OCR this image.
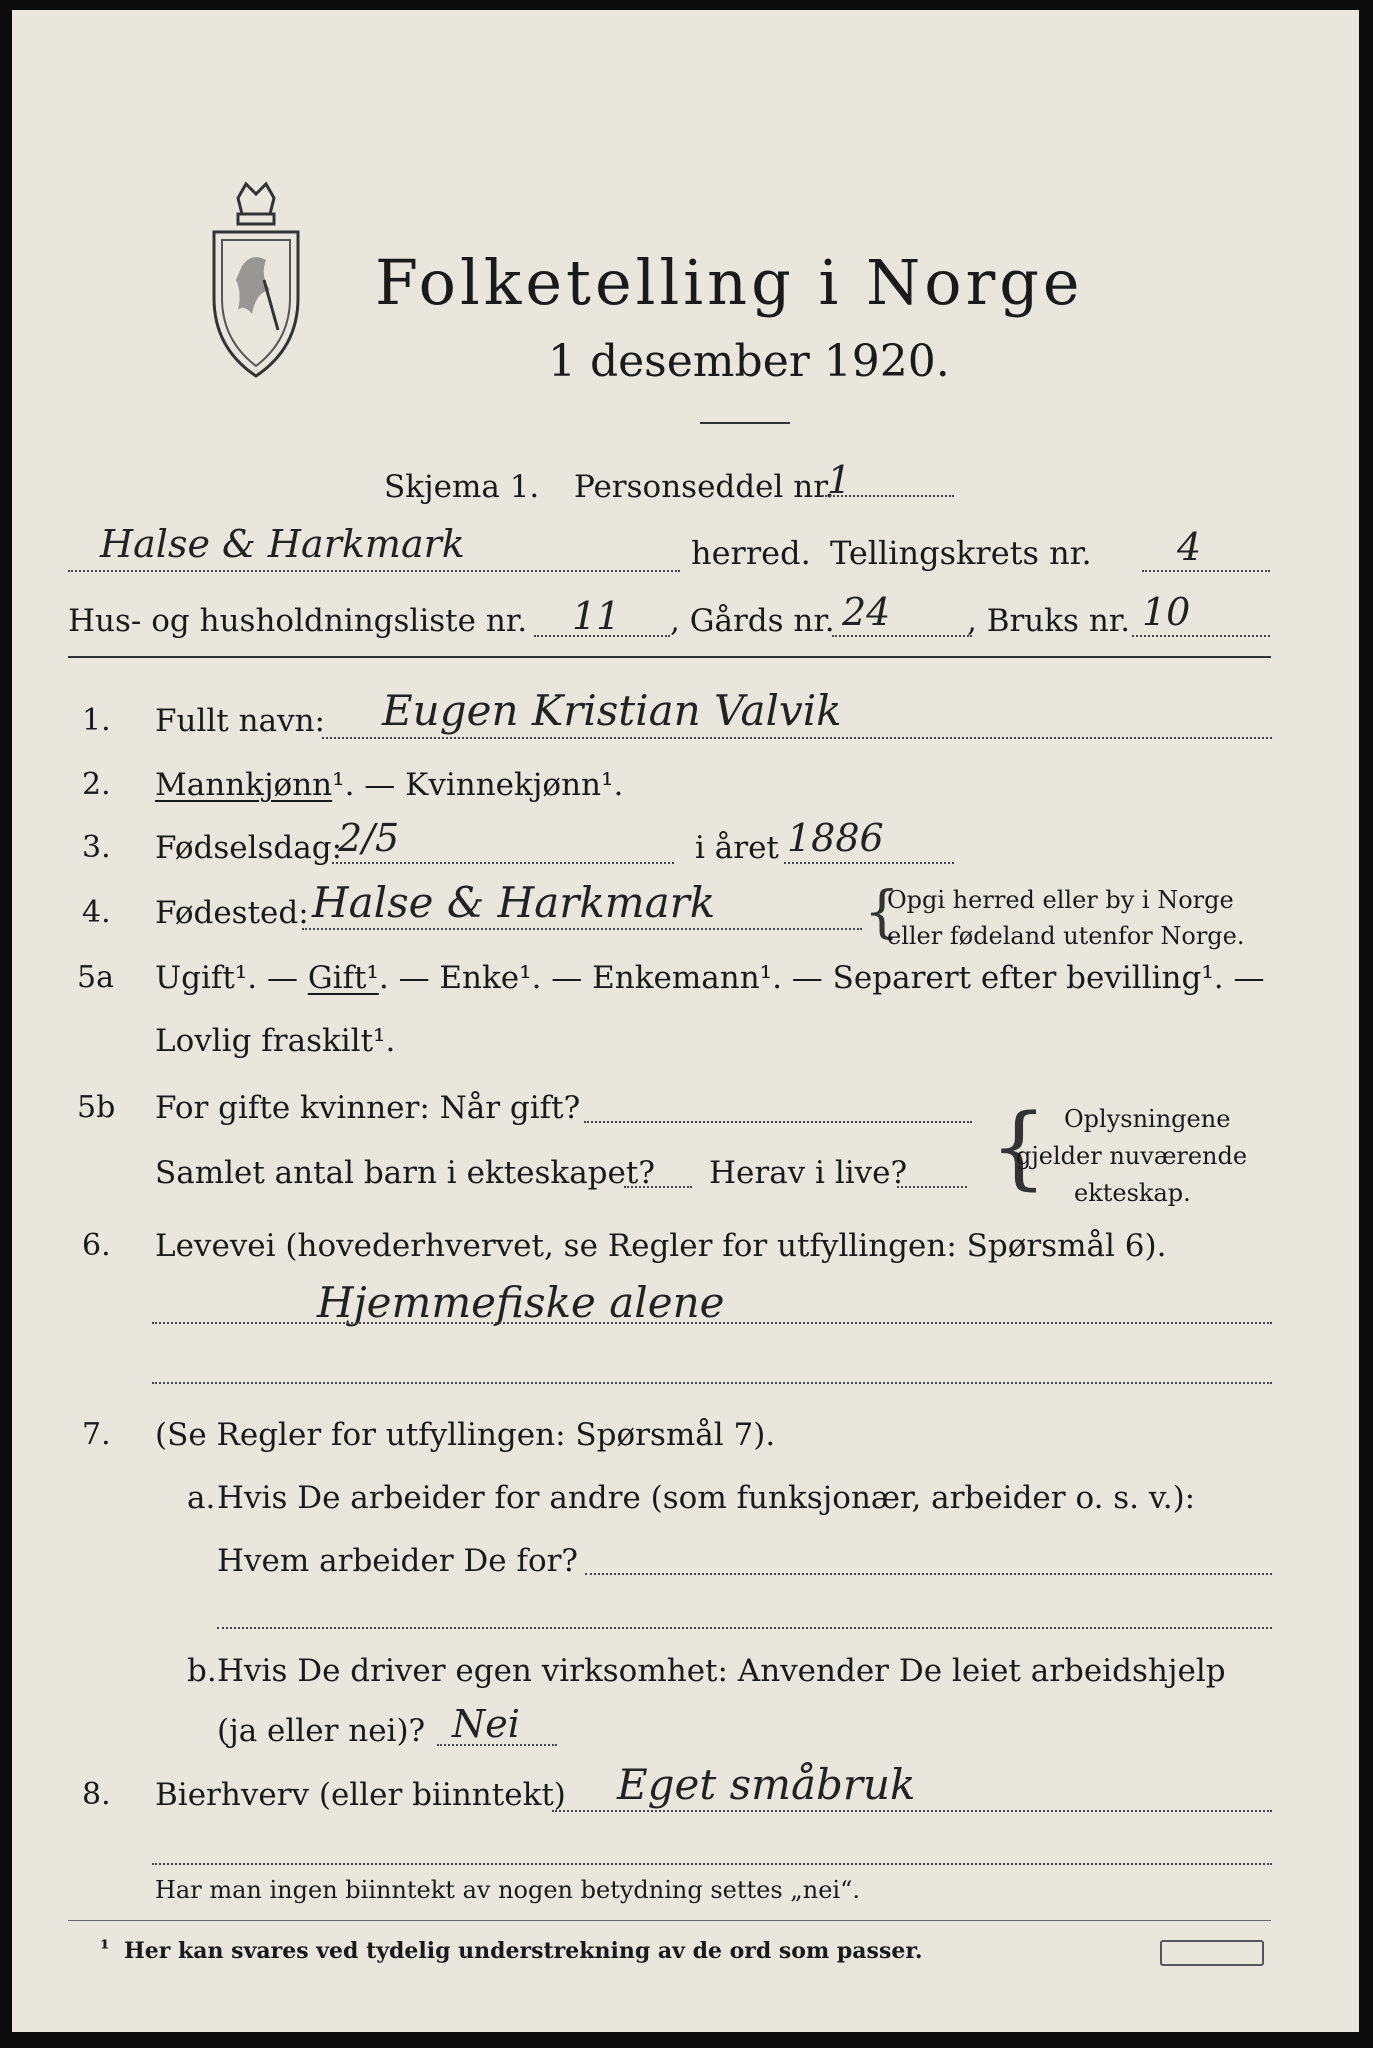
Folketelling i Norge
1 desember 1920.
Skjema 1. Personseddel nr.
1
Halse & Harkmark	herred. Tellingskrets nr. 4
Hus- og husholdningsliste nr. 11 , Gårds nr. 24 , Bruks nr. 10
1. Fullt navn: Eugen Kristian Valvik
2. Mannkjønn¹. — Kvinnekjønn¹.
3. Fødselsdag:
2/5	i året 1886
4. Fødested: Halse & Harkmark	{
Opgi herred eller by i Norge
eller fødeland utenfor Norge.
5a Ugift¹. — Gift¹. — Enke¹. — Enkemann¹. — Separert efter bevilling¹. —
Lovlig fraskilt¹.
5b For gifte kvinner: Når gift?
Samlet antal barn i ekteskapet? Herav i live? { Oplysningene
gjelder nuværende
ekteskap.
6. Levevei (hovederhvervet, se Regler for utfyllingen: Spørsmål 6).
Hjemmefiske alene
7. (Se Regler for utfyllingen: Spørsmål 7).
a. Hvis De arbeider for andre (som funksjonær, arbeider o. s. v.):
Hvem arbeider De for?
b. Hvis De driver egen virksomhet: Anvender De leiet arbeidshjelp
(ja eller nei)? Nei
8. Bierhverv (eller biinntekt) Eget småbruk
Har man ingen biinntekt av nogen betydning settes „nei“.
¹ Her kan svares ved tydelig understrekning av de ord som passer.
